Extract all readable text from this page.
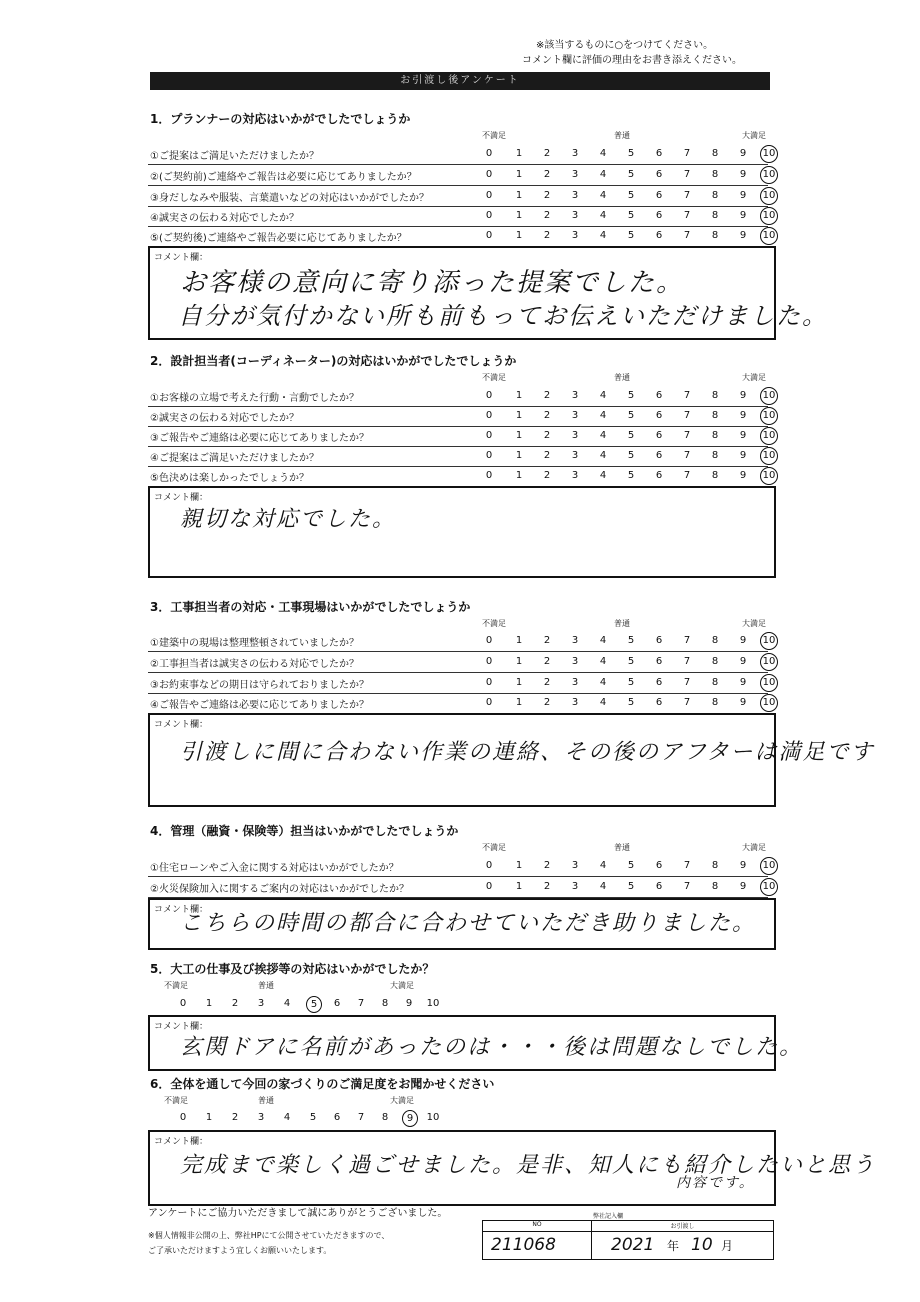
※該当するものに○をつけてください。
コメント欄に評価の理由をお書き添えください。
お引渡し後アンケート
1．プランナーの対応はいかがでしたでしょうか
不満足	普通	大満足
①ご提案はご満足いただけましたか？	0	1	2	3	4	5	6	7	8	9	10
②(ご契約前)ご連絡やご報告は必要に応じてありましたか？	0	1	2	3	4	5	6	7	8	9	10
③身だしなみや服装、言葉遣いなどの対応はいかがでしたか？	0	1	2	3	4	5	6	7	8	9	10
④誠実さの伝わる対応でしたか？	0	1	2	3	4	5	6	7	8	9	10
⑤(ご契約後)ご連絡やご報告必要に応じてありましたか？	0	1	2	3	4	5	6	7	8	9	10
コメント欄：
お客様の意向に寄り添った提案でした。
自分が気付かない所も前もってお伝えいただけました。
2．設計担当者(コーディネーター)の対応はいかがでしたでしょうか
不満足	普通	大満足
①お客様の立場で考えた行動・言動でしたか？	0	1	2	3	4	5	6	7	8	9	10
②誠実さの伝わる対応でしたか？	0	1	2	3	4	5	6	7	8	9	10
③ご報告やご連絡は必要に応じてありましたか？	0	1	2	3	4	5	6	7	8	9	10
④ご提案はご満足いただけましたか？	0	1	2	3	4	5	6	7	8	9	10
⑤色決めは楽しかったでしょうか？	0	1	2	3	4	5	6	7	8	9	10
コメント欄：
親切な対応でした。
3．工事担当者の対応・工事現場はいかがでしたでしょうか
不満足	普通	大満足
①建築中の現場は整理整頓されていましたか？	0	1	2	3	4	5	6	7	8	9	10
②工事担当者は誠実さの伝わる対応でしたか？	0	1	2	3	4	5	6	7	8	9	10
③お約束事などの期日は守られておりましたか？	0	1	2	3	4	5	6	7	8	9	10
④ご報告やご連絡は必要に応じてありましたか？	0	1	2	3	4	5	6	7	8	9	10
コメント欄：
引渡しに間に合わない作業の連絡、その後のアフターは満足です
4．管理（融資・保険等）担当はいかがでしたでしょうか
不満足	普通	大満足
①住宅ローンやご入金に関する対応はいかがでしたか？	0	1	2	3	4	5	6	7	8	9	10
②火災保険加入に関するご案内の対応はいかがでしたか？	0	1	2	3	4	5	6	7	8	9	10
コメント欄：
こちらの時間の都合に合わせていただき助りました。
5．大工の仕事及び挨拶等の対応はいかがでしたか？
不満足	普通	大満足
0	1	2	3	4	5	6	7	8	9	10
コメント欄：
玄関ドアに名前があったのは・・・後は問題なしでした。
6．全体を通して今回の家づくりのご満足度をお聞かせください
不満足	普通	大満足
0	1	2	3	4	5	6	7	8	9	10
コメント欄：
完成まで楽しく過ごせました。是非、知人にも紹介したいと思う
内容です。
アンケートにご協力いただきまして誠にありがとうございました。
※個人情報非公開の上、弊社HPにて公開させていただきますので、
ご了承いただけますよう宜しくお願いいたします。
弊社記入欄
NO	お引渡し
211068	2021 年 10 月
